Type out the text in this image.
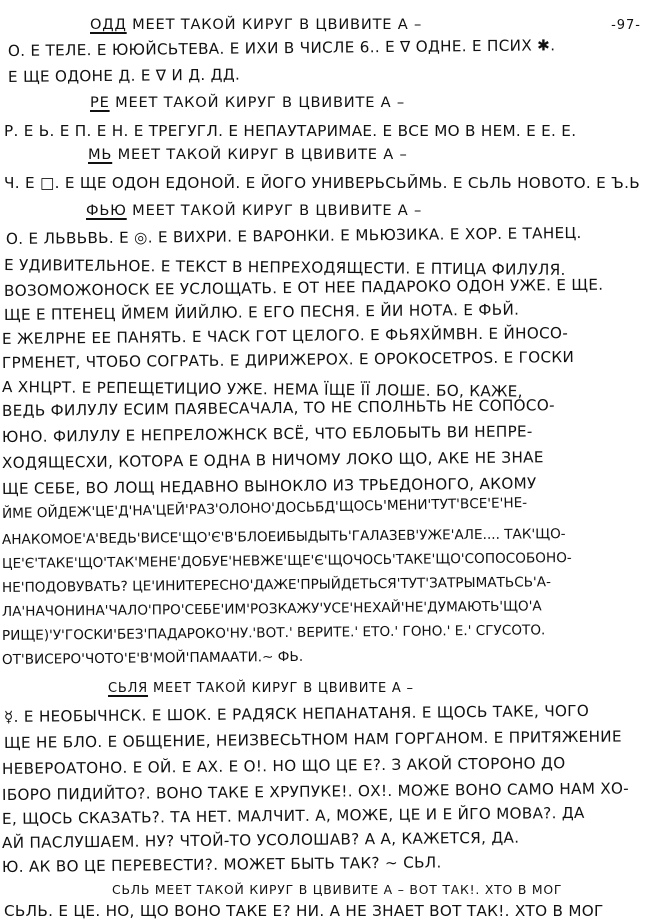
-97-
ОДД МЕЕТ ТАКОЙ КИРУГ В ЦВИВИТЕ А –
О. Е ТЕЛЕ. Е ЮЮЙСЬТЕВА. Е ИХИ В ЧИСЛЕ 6.. Е ∇ ОДНЕ. Е ПСИХ ✱.
Е ЩЕ ОДОНЕ Д. Е ∇ И Д. ДД.
РЕ МЕЕТ ТАКОЙ КИРУГ В ЦВИВИТЕ А –
Р. Е Ь. Е П. Е Н. Е ТРЕГУГЛ. Е НЕПАУТАРИМАЕ. Е ВСЕ МО В НЕМ. Е Е. Е.
МЬ МЕЕТ ТАКОЙ КИРУГ В ЦВИВИТЕ А –
Ч. Е □. Е ЩЕ ОДОН ЕДОНОЙ. Е ЙОГО УНИВЕРЬСЬЙМЬ. Е СЬЛЬ НОВОТО. Е Ъ.Ь
ФЬЮ МЕЕТ ТАКОЙ КИРУГ В ЦВИВИТЕ А –
О. Е ЛЬВЬВЬ. Е ◎. Е ВИХРИ. Е ВАРОНКИ. Е МЬЮЗИКА. Е ХОР. Е ТАНЕЦ.
Е УДИВИТЕЛЬНОЕ. Е ТЕКСТ В НЕПРЕХОДЯЩЕСТИ. Е ПТИЦА ФИЛУЛЯ.
ВОЗОМОЖОНОСК ЕЕ УСЛОЩАТЬ. Е ОТ НЕЕ ПАДАРОКО ОДОН УЖЕ. Е ЩЕ.
ЩЕ Е ПТЕНЕЦ ЙМЕМ ЙИЙЛЮ. Е ЕГО ПЕСНЯ. Е ЙИ НОТА. Е ФЬЙ.
Е ЖЕЛРНЕ ЕЕ ПАНЯТЬ. Е ЧАСК ГОТ ЦЕЛОГО. Е ФЬЯХЙМВН. Е ЙНОСО-
ГРМЕНЕТ, ЧТОБО СОГРАТЬ. Е ДИРИЖЕРОХ. Е ОРОКОСЕТРОЅ. Е ГОСКИ
А ХНЦРТ. Е РЕПЕЩЕТИЦИО УЖЕ. НЕМА ЇЩЕ ЇЇ ЛОШЕ. БО, КАЖЕ,
ВЕДЬ ФИЛУЛУ ЕСИМ ПАЯВЕСАЧАЛА, ТО НЕ СПОЛНЬТЬ НЕ СОПОСО-
ЮНО. ФИЛУЛУ Е НЕПРЕЛОЖНСК ВСЁ, ЧТО ЕБЛОБЫТЬ ВИ НЕПРЕ-
ХОДЯЩЕСХИ, КОТОРА Е ОДНА В НИЧОМУ ЛОКО ЩО, АКЕ НЕ ЗНАЕ
ЩЕ СЕБЕ, ВО ЛОЩ НЕДАВНО ВЫНОКЛО ИЗ ТРЬЕДОНОГО, АКОМУ
ЙМЕ ОЙДЕЖ'ЦЕ'Д'НА'ЦЕЙ'РАЗ'ОЛОНО'ДОСЬБД'ЩОСЬ'МЕНИ'ТУТ'ВСЕ'Е'НЕ-
АНАКОМОЕ'А'ВЕДЬ'ВИСЕ'ЩО'Є'В'БЛОЕИБЫДЫТЬ'ГАЛАЗЕВ'УЖЕ'АЛЕ.... ТАК'ЩО-
ЦЕ'Є'ТАКЕ'ЩО'ТАК'МЕНЕ'ДОБУЕ'НЕВЖЕ'ЩЕ'Є'ЩОЧОСЬ'ТАКЕ'ЩО'СОПОСОБОНО-
НЕ'ПОДОВУВАТЬ? ЦЕ'ИНИТЕРЕСНО'ДАЖЕ'ПРЫЙДЕТЬСЯ'ТУТ'ЗАТРЫМАТЬСЬ'А-
ЛА'НАЧОНИНА'ЧАЛО'ПРО'СЕБЕ'ИМ'РОЗКАЖУ'УСЕ'НЕХАЙ'НЕ'ДУМАЮТЬ'ЩО'А
РИЩЕ)'У'ГОСКИ'БЕЗ'ПАДАРОКО'НУ.'ВОТ.' ВЕРИТЕ.' ЕТО.' ГОНО.' Е.' СГУСОТО.
ОТ'ВИСЕРО'ЧОТО'Е'В'МОЙ'ПАМААТИ.~ ФЬ.
СЬЛЯ МЕЕТ ТАКОЙ КИРУГ В ЦВИВИТЕ А –
☿. Е НЕОБЫЧНСК. Е ШОК. Е РАДЯСК НЕПАНАТАНЯ. Е ЩОСЬ ТАКЕ, ЧОГО
ЩЕ НЕ БЛО. Е ОБЩЕНИЕ, НЕИЗВЕСЬТНОМ НАМ ГОРГАНОМ. Е ПРИТЯЖЕНИЕ
НЕВЕРОАТОНО. Е ОЙ. Е АХ. Е О!. НО ЩО ЦЕ Е?. З АКОЙ СТОРОНО ДО
ІБОРО ПИДИЙТО?. ВОНО ТАКЕ Е ХРУПУКЕ!. ОХ!. МОЖЕ ВОНО САМО НАМ ХО-
Е, ЩОСЬ СКАЗАТЬ?. ТА НЕТ. МАЛЧИТ. А, МОЖЕ, ЦЕ И Е ЙГО МОВА?. ДА
АЙ ПАСЛУШАЕМ. НУ? ЧТОЙ-ТО УСОЛОШАВ? А А, КАЖЕТСЯ, ДА.
Ю. АК ВО ЦЕ ПЕРЕВЕСТИ?. МОЖЕТ БЫТЬ ТАК? ~ СЬЛ.
СЬЛЬ МЕЕТ ТАКОЙ КИРУГ В ЦВИВИТЕ А – ВОТ ТАК!. ХТО В МОГ
СЬЛЬ. Е ЦЕ. НО, ЩО ВОНО ТАКЕ Е? НИ. А НЕ ЗНАЕТ ВОТ ТАК!. ХТО В МОГ
